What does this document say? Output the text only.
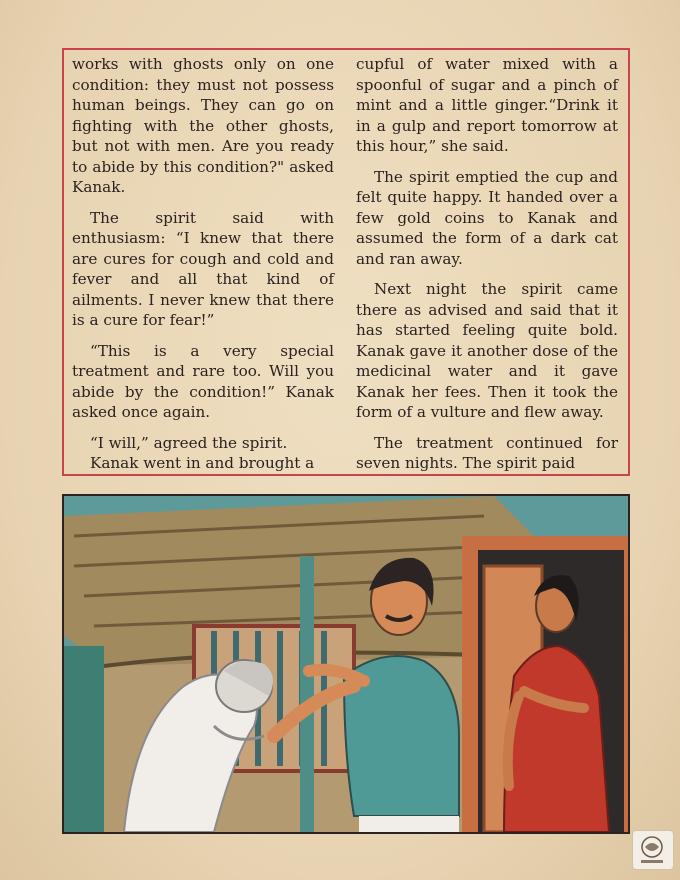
works with ghosts only on one condition: they must not possess human beings. They can go on fighting with the other ghosts, but not with men. Are you ready to abide by this condition?" asked Kanak.

The spirit said with enthusiasm: “I knew that there are cures for cough and cold and fever and all that kind of ailments. I never knew that there is a cure for fear!”

“This is a very special treatment and rare too. Will you abide by the condition!” Kanak asked once again.

“I will,” agreed the spirit.

Kanak went in and brought a

cupful of water mixed with a spoonful of sugar and a pinch of mint and a little ginger.“Drink it in a gulp and report tomorrow at this hour,” she said.

The spirit emptied the cup and felt quite happy. It handed over a few gold coins to Kanak and assumed the form of a dark cat and ran away.

Next night the spirit came there as advised and said that it has started feeling quite bold. Kanak gave it another dose of the medicinal water and it gave Kanak her fees. Then it took the form of a vulture and flew away.

The treatment continued for seven nights. The spirit paid
